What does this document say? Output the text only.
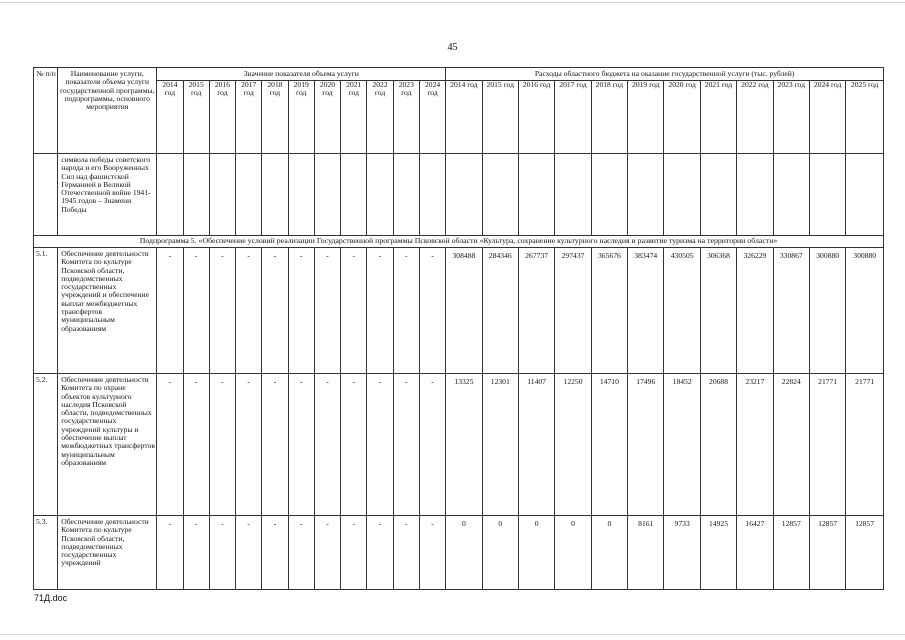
45
№ п/п	Наименование услуги, показателя объема услуги государственной программы, подпрограммы, основного мероприятия	Значение показателя объема услуги											Расходы областного бюджета на оказание государственной услуги (тыс. рублей)											
		2014 год	2015 год	2016 год	2017 год	2018 год	2019 год	2020 год	2021 год	2022 год	2023 год	2024 год	2014 год	2015 год	2016 год	2017 год	2018 год	2019 год	2020 год	2021 год	2022 год	2023 год	2024 год	2025 год
	символа победы советского народа и его Вооруженных Сил над фашистской Германией в Великой Отечественной войне 1941-1945 годов – Знамени Победы																							
Подпрограмма 5. «Обеспечение условий реализации Государственной программы Псковской области «Культура, сохранение культурного наследия и развитие туризма на территории области»																								
5.1.	Обеспечение деятельности Комитета по культуре Псковской области, подведомственных государственных учреждений и обеспечение выплат межбюджетных трансфертов муниципальным образованиям	-	-	-	-	-	-	-	-	-	-	-	308488	284346	267737	297437	365676	383474	430505	306368	326229	330867	300880	300880
5.2.	Обеспечение деятельности Комитета по охране объектов культурного наследия Псковской области, подведомственных государственных учреждений культуры и обеспечение выплат межбюджетных трансфертов муниципальным образованиям	-	-	-	-	-	-	-	-	-	-	-	13325	12301	11407	12250	14710	17496	18452	20688	23217	22824	21771	21771
5.3.	Обеспечение деятельности Комитета по культуре Псковской области, подведомственных государственных учреждений	-	-	-	-	-	-	-	-	-	-	-	0	0	0	0	0	8161	9733	14925	16427	12857	12857	12857
71Д.doc
